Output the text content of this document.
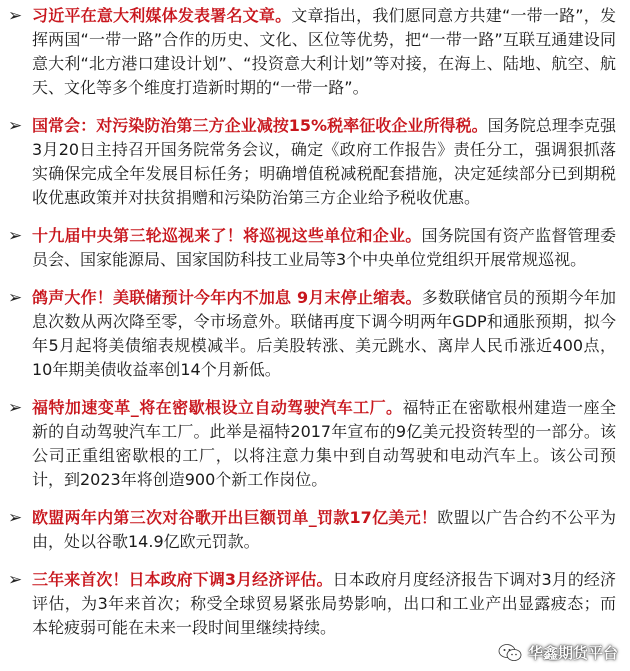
➢ 习近平在意大利媒体发表署名文章。文章指出，我们愿同意方共建“一带一路”，发挥两国“一带一路”合作的历史、文化、区位等优势，把“一带一路”互联互通建设同意大利“北方港口建设计划”、“投资意大利计划”等对接，在海上、陆地、航空、航天、文化等多个维度打造新时期的“一带一路”。
➢ 国常会：对污染防治第三方企业减按15%税率征收企业所得税。国务院总理李克强3月20日主持召开国务院常务会议，确定《政府工作报告》责任分工，强调狠抓落实确保完成全年发展目标任务；明确增值税减税配套措施，决定延续部分已到期税收优惠政策并对扶贫捐赠和污染防治第三方企业给予税收优惠。
➢ 十九届中央第三轮巡视来了！将巡视这些单位和企业。国务院国有资产监督管理委员会、国家能源局、国家国防科技工业局等3个中央单位党组织开展常规巡视。
➢ 鸽声大作！美联储预计今年内不加息 9月末停止缩表。多数联储官员的预期今年加息次数从两次降至零，令市场意外。联储再度下调今明两年GDP和通胀预期，拟今年5月起将美债缩表规模减半。后美股转涨、美元跳水、离岸人民币涨近400点，10年期美债收益率创14个月新低。
➢ 福特加速变革_将在密歇根设立自动驾驶汽车工厂。福特正在密歇根州建造一座全新的自动驾驶汽车工厂。此举是福特2017年宣布的9亿美元投资转型的一部分。该公司正重组密歇根的工厂，以将注意力集中到自动驾驶和电动汽车上。该公司预计，到2023年将创造900个新工作岗位。
➢ 欧盟两年内第三次对谷歌开出巨额罚单_罚款17亿美元！欧盟以广告合约不公平为由，处以谷歌14.9亿欧元罚款。
➢ 三年来首次！日本政府下调3月经济评估。日本政府月度经济报告下调对3月的经济评估，为3年来首次；称受全球贸易紧张局势影响，出口和工业产出显露疲态；而本轮疲弱可能在未来一段时间里继续持续。
华鑫期货平台
